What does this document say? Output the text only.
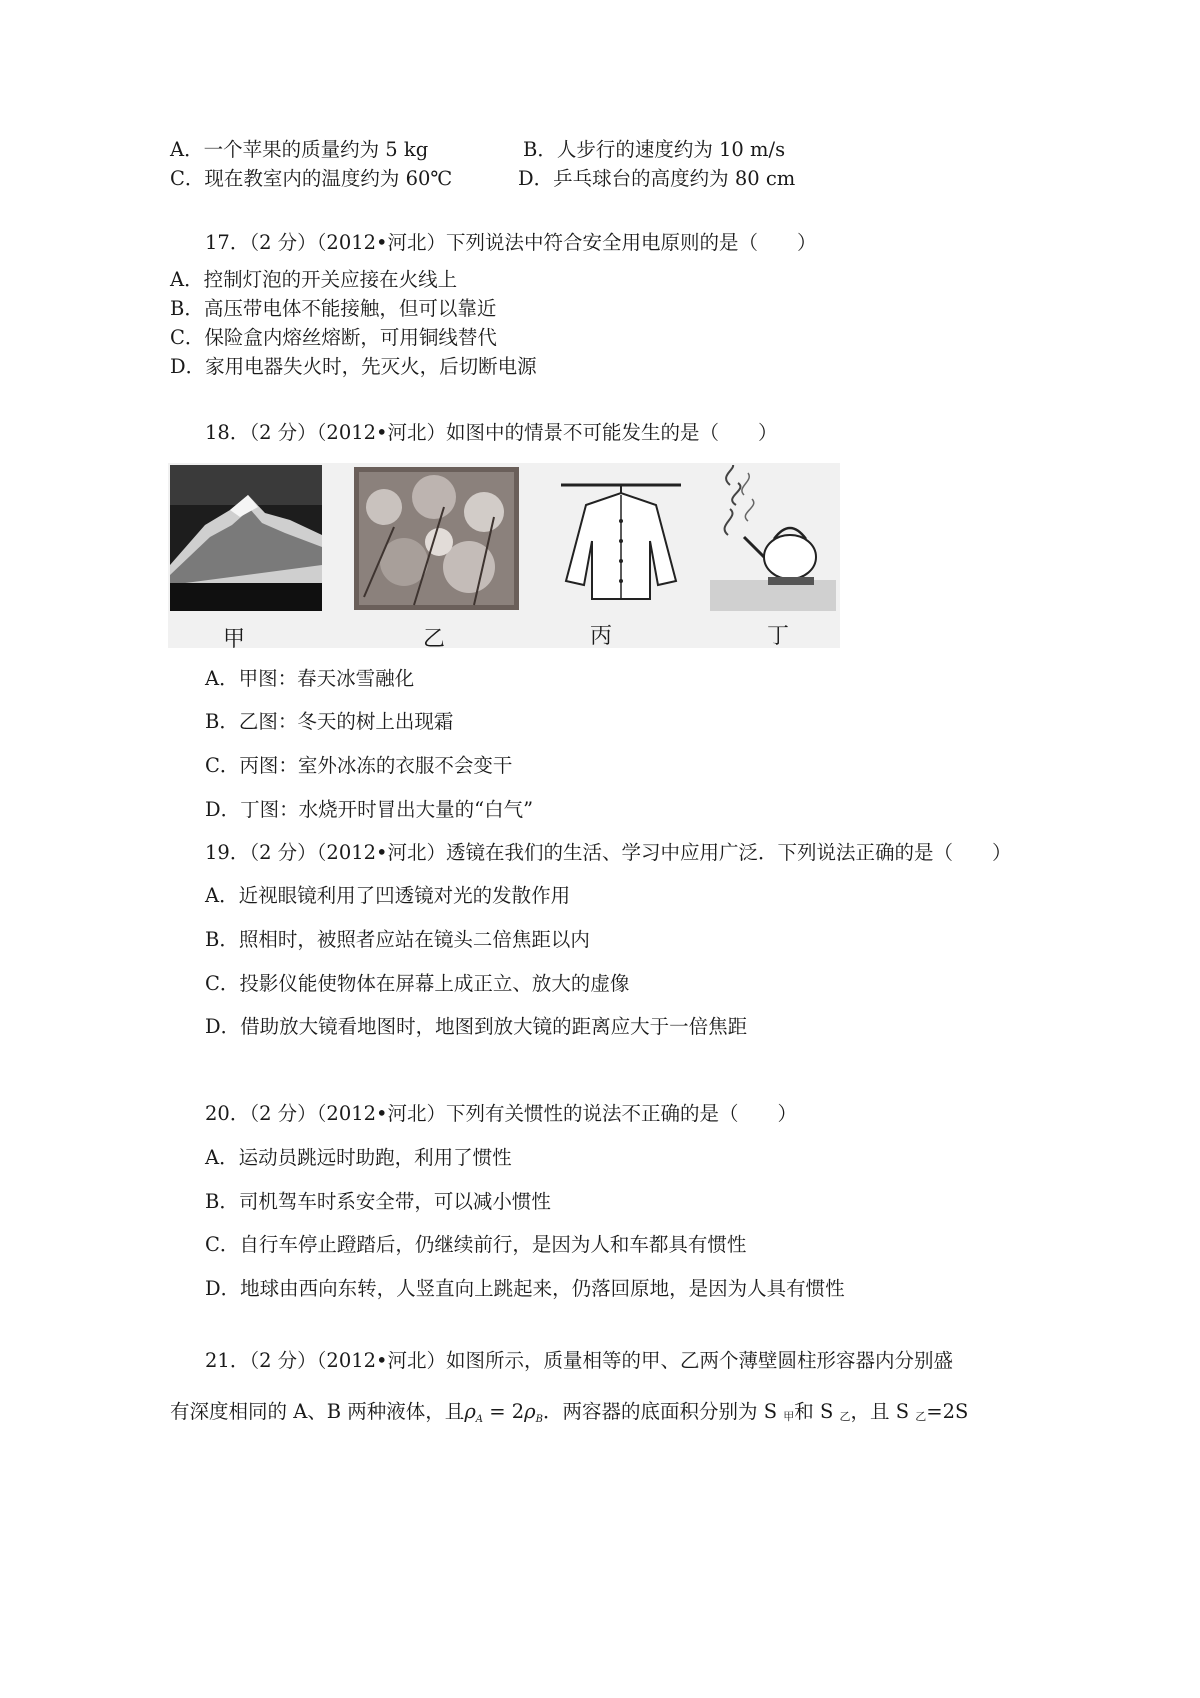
A．一个苹果的质量约为 5 kg	B．人步行的速度约为 10 m/s
C．现在教室内的温度约为 60℃	D．乒乓球台的高度约为 80 cm
17．（2 分）（2012•河北）下列说法中符合安全用电原则的是（　　）
A．控制灯泡的开关应接在火线上
B．高压带电体不能接触，但可以靠近
C．保险盒内熔丝熔断，可用铜线替代
D．家用电器失火时，先灭火，后切断电源
18．（2 分）（2012•河北）如图中的情景不可能发生的是（　　）
甲	乙	丙	丁
A．甲图：春天冰雪融化
B．乙图：冬天的树上出现霜
C．丙图：室外冰冻的衣服不会变干
D．丁图：水烧开时冒出大量的“白气”
19．（2 分）（2012•河北）透镜在我们的生活、学习中应用广泛．下列说法正确的是（　　）
A．近视眼镜利用了凹透镜对光的发散作用
B．照相时，被照者应站在镜头二倍焦距以内
C．投影仪能使物体在屏幕上成正立、放大的虚像
D．借助放大镜看地图时，地图到放大镜的距离应大于一倍焦距
20．（2 分）（2012•河北）下列有关惯性的说法不正确的是（　　）
A．运动员跳远时助跑，利用了惯性
B．司机驾车时系安全带，可以减小惯性
C．自行车停止蹬踏后，仍继续前行，是因为人和车都具有惯性
D．地球由西向东转，人竖直向上跳起来，仍落回原地，是因为人具有惯性
21．（2 分）（2012•河北）如图所示，质量相等的甲、乙两个薄壁圆柱形容器内分别盛
有深度相同的 A、B 两种液体，且$\rho_A = 2\rho_B$．两容器的底面积分别为 S 甲和 S 乙，且 S 乙=2S
